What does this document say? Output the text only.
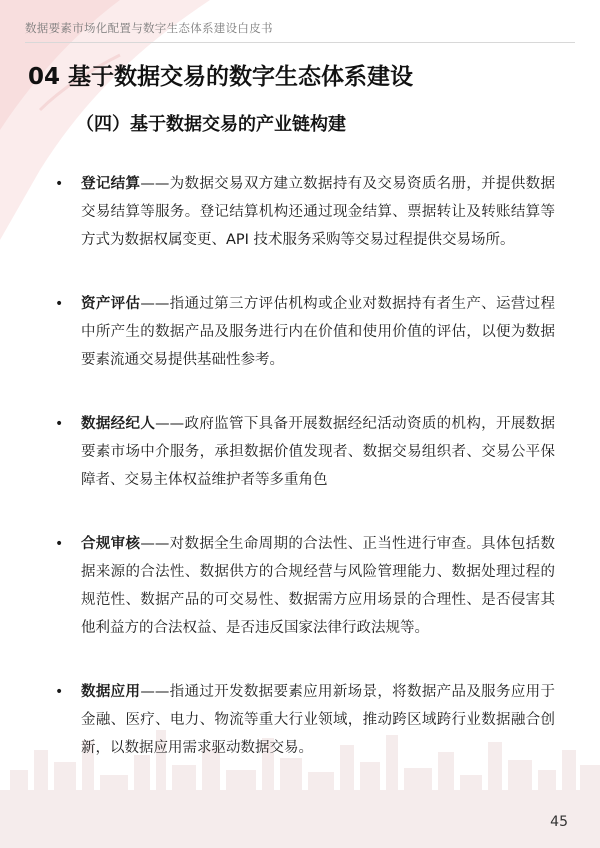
数据要素市场化配置与数字生态体系建设白皮书
04 基于数据交易的数字生态体系建设
（四）基于数据交易的产业链构建
• 登记结算——为数据交易双方建立数据持有及交易资质名册，并提供数据交易结算等服务。登记结算机构还通过现金结算、票据转让及转账结算等方式为数据权属变更、API 技术服务采购等交易过程提供交易场所。
• 资产评估——指通过第三方评估机构或企业对数据持有者生产、运营过程中所产生的数据产品及服务进行内在价值和使用价值的评估，以便为数据要素流通交易提供基础性参考。
• 数据经纪人——政府监管下具备开展数据经纪活动资质的机构，开展数据要素市场中介服务，承担数据价值发现者、数据交易组织者、交易公平保障者、交易主体权益维护者等多重角色
• 合规审核——对数据全生命周期的合法性、正当性进行审查。具体包括数据来源的合法性、数据供方的合规经营与风险管理能力、数据处理过程的规范性、数据产品的可交易性、数据需方应用场景的合理性、是否侵害其他利益方的合法权益、是否违反国家法律行政法规等。
• 数据应用——指通过开发数据要素应用新场景，将数据产品及服务应用于金融、医疗、电力、物流等重大行业领域，推动跨区域跨行业数据融合创新，以数据应用需求驱动数据交易。
45
